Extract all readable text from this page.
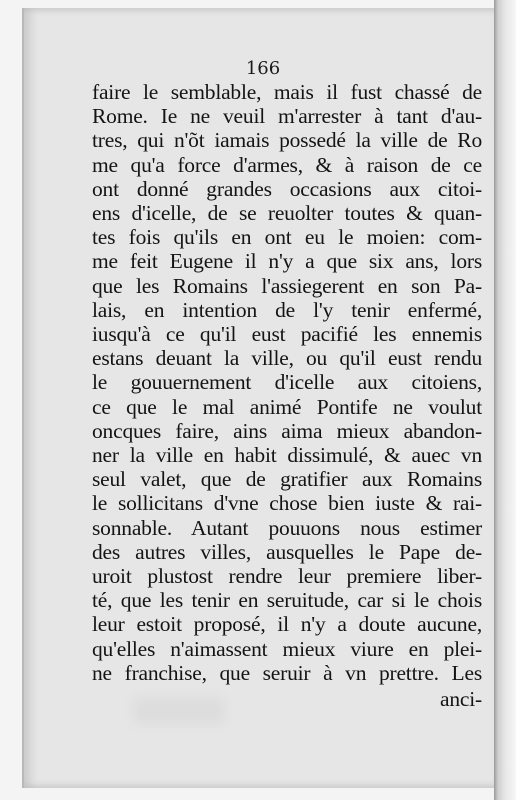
166
faire le semblable, mais il fust chassé de
Rome. Ie ne veuil m'arrester à tant d'au-
tres, qui n'õt iamais possedé la ville de Ro
me qu'a force d'armes, & à raison de ce
ont donné grandes occasions aux citoi-
ens d'icelle, de se reuolter toutes & quan-
tes fois qu'ils en ont eu le moien: com-
me feit Eugene il n'y a que six ans, lors
que les Romains l'assiegerent en son Pa-
lais, en intention de l'y tenir enfermé,
iusqu'à ce qu'il eust pacifié les ennemis
estans deuant la ville, ou qu'il eust rendu
le gouuernement d'icelle aux citoiens,
ce que le mal animé Pontife ne voulut
oncques faire, ains aima mieux abandon-
ner la ville en habit dissimulé, & auec vn
seul valet, que de gratifier aux Romains
le sollicitans d'vne chose bien iuste & rai-
sonnable. Autant pouuons nous estimer
des autres villes, ausquelles le Pape de-
uroit plustost rendre leur premiere liber-
té, que les tenir en seruitude, car si le chois
leur estoit proposé, il n'y a doute aucune,
qu'elles n'aimassent mieux viure en plei-
ne franchise, que seruir à vn prettre. Les
anci-
